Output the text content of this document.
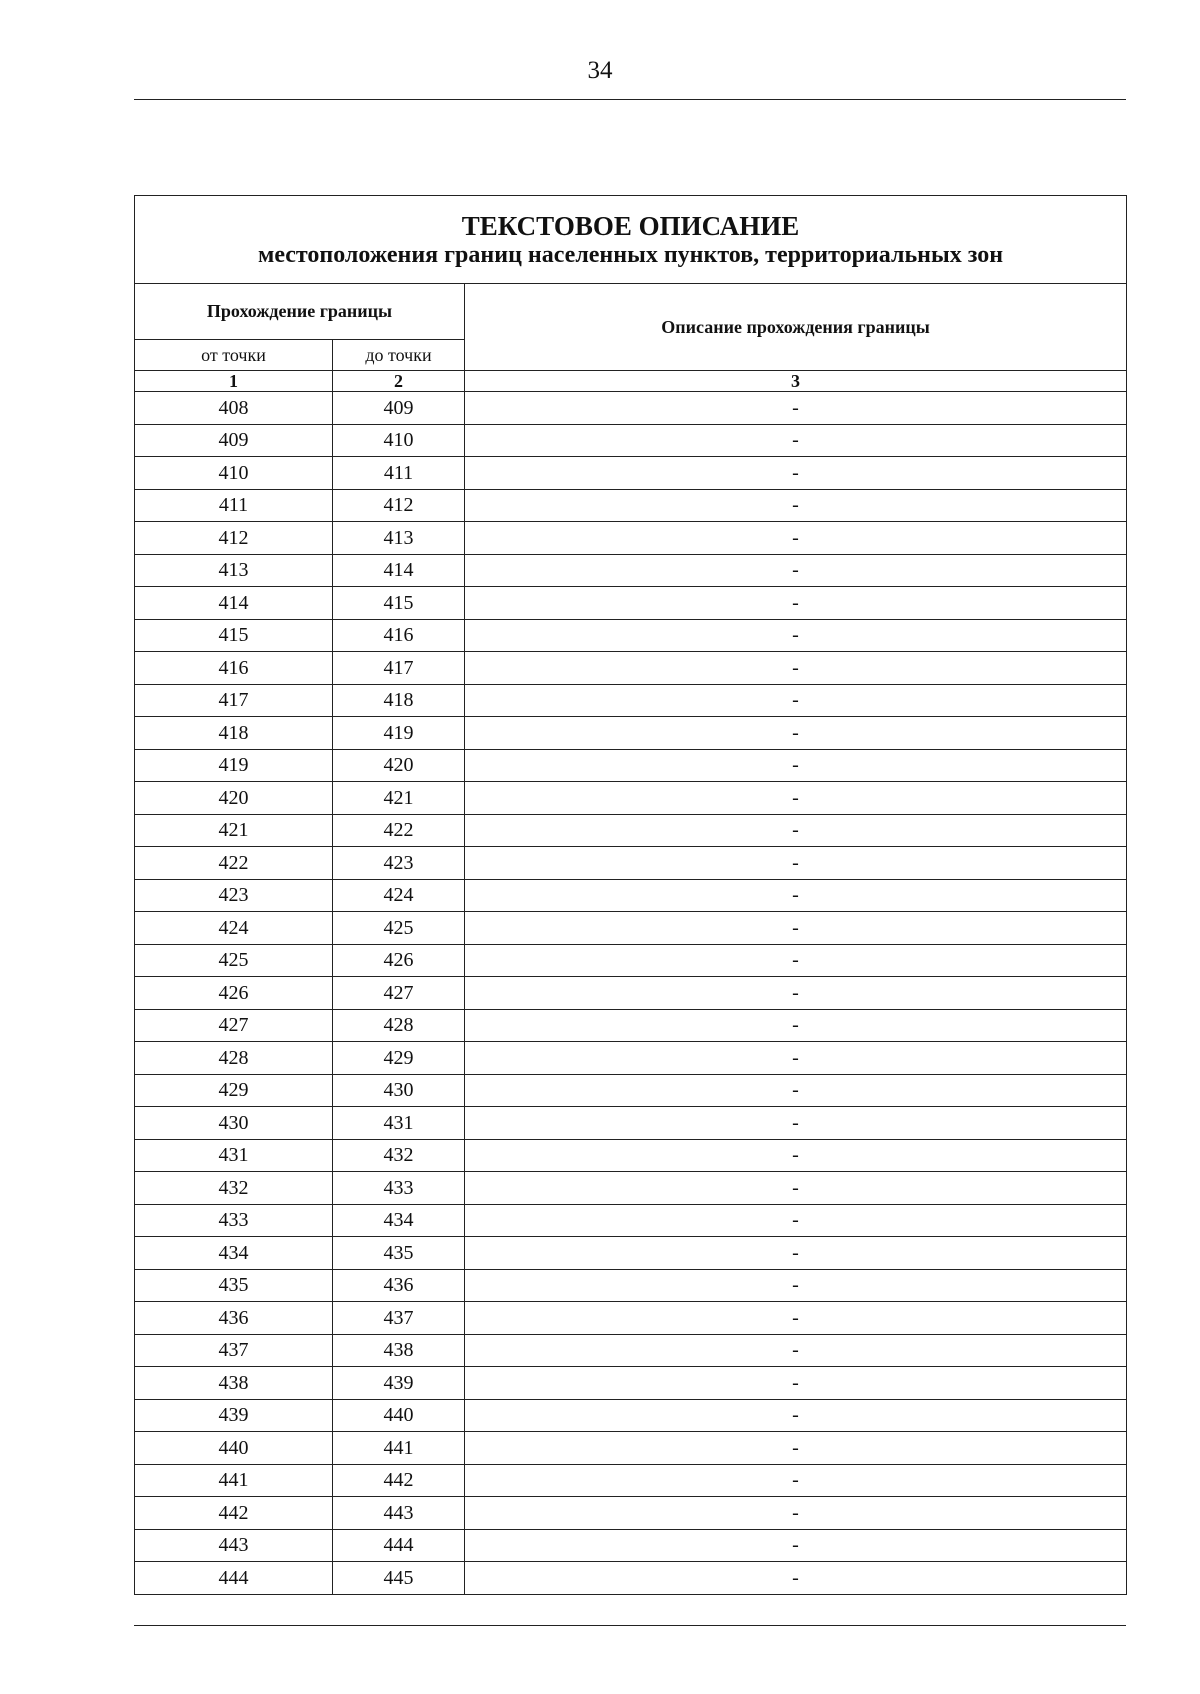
34
ТЕКСТОВОЕ ОПИСАНИЕ
местоположения границ населенных пунктов, территориальных зон		

Прохождение границы		Описание прохождения границы
от точки	до точки	
1	2	3
408	409	-
409	410	-
410	411	-
411	412	-
412	413	-
413	414	-
414	415	-
415	416	-
416	417	-
417	418	-
418	419	-
419	420	-
420	421	-
421	422	-
422	423	-
423	424	-
424	425	-
425	426	-
426	427	-
427	428	-
428	429	-
429	430	-
430	431	-
431	432	-
432	433	-
433	434	-
434	435	-
435	436	-
436	437	-
437	438	-
438	439	-
439	440	-
440	441	-
441	442	-
442	443	-
443	444	-
444	445	-
